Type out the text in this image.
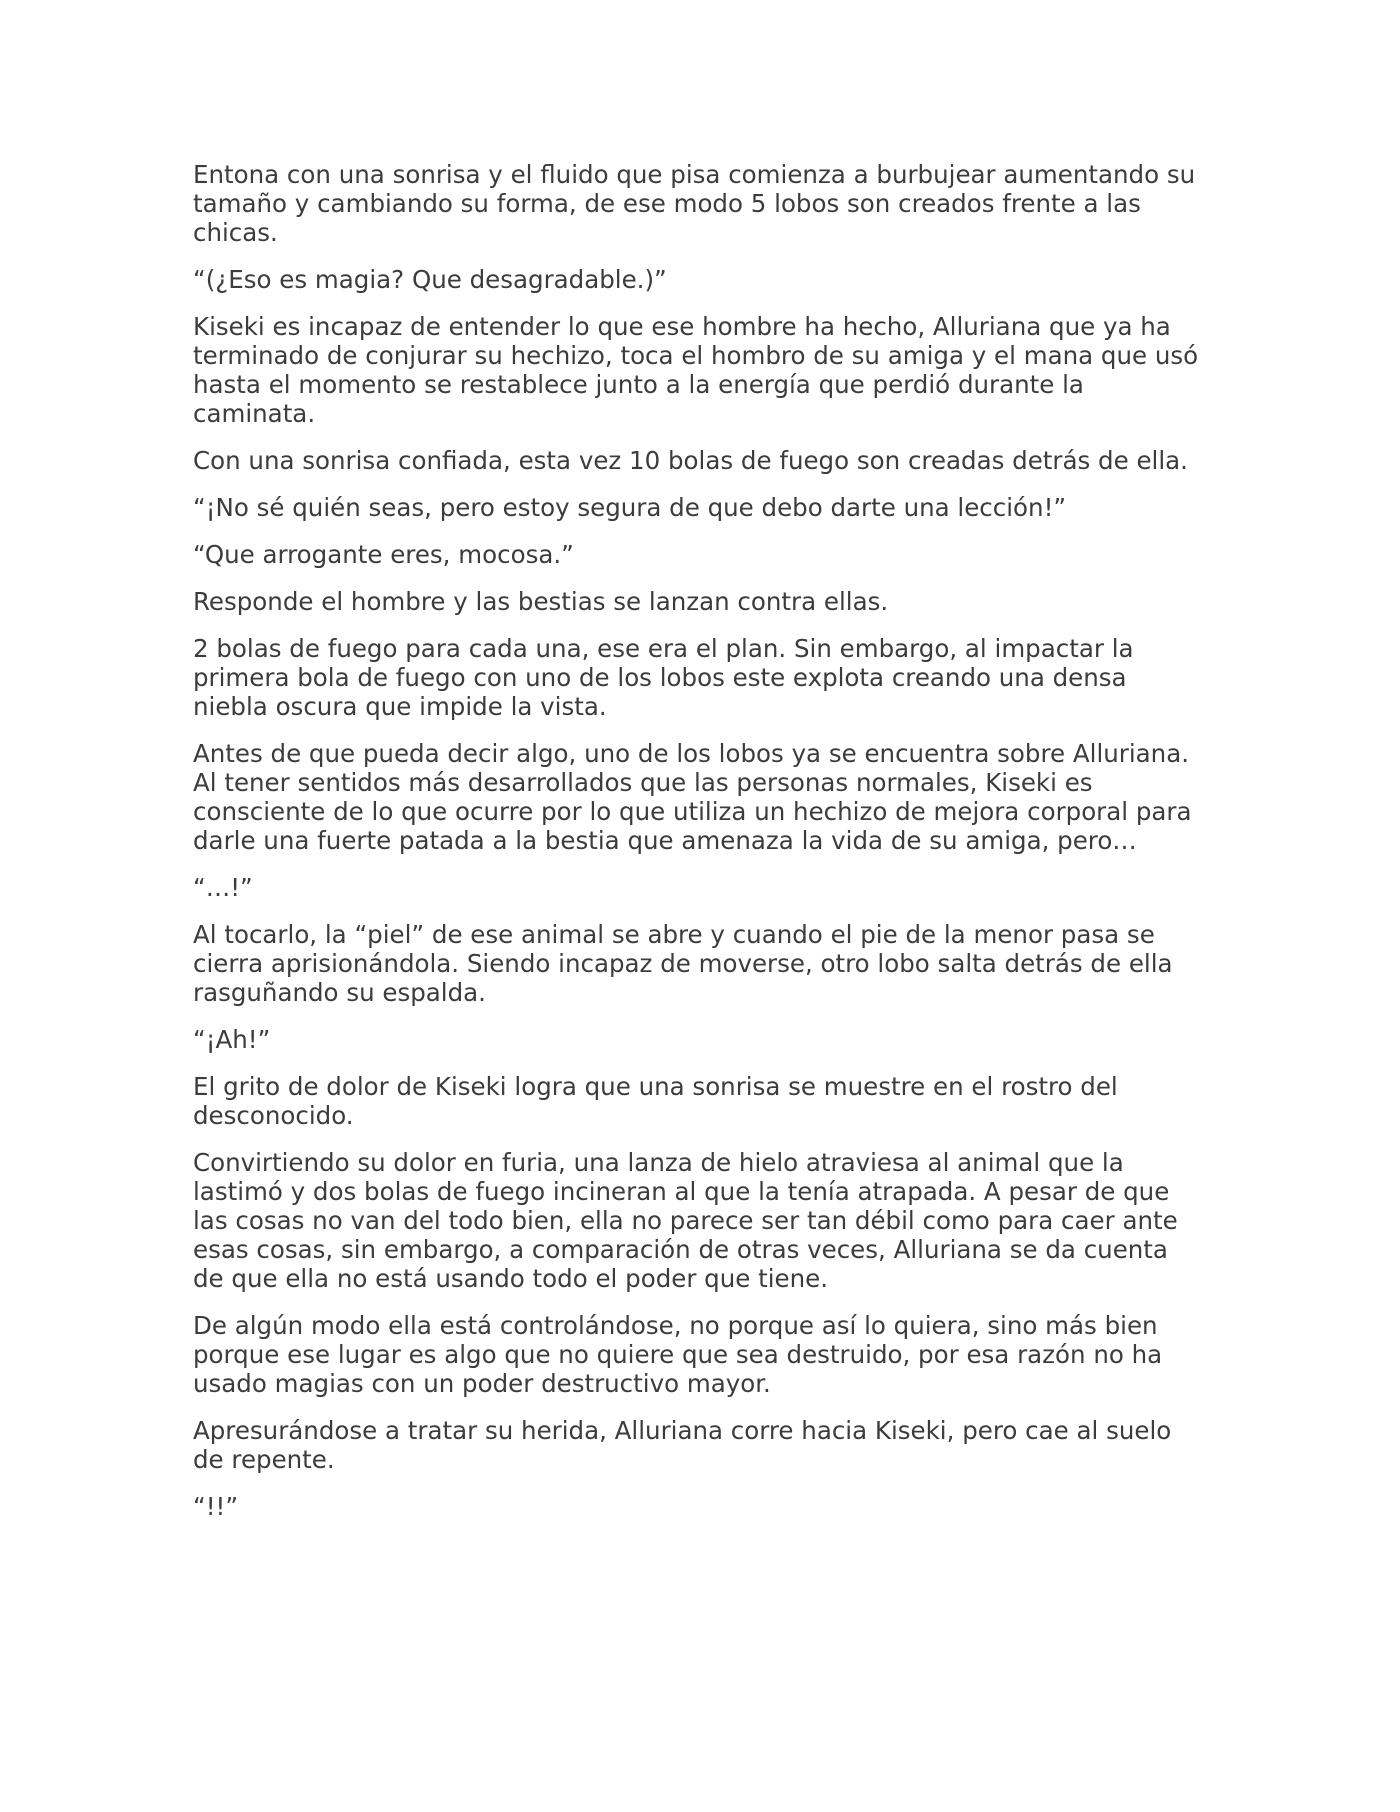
Entona con una sonrisa y el fluido que pisa comienza a burbujear aumentando su tamaño y cambiando su forma, de ese modo 5 lobos son creados frente a las chicas.

“(¿Eso es magia? Que desagradable.)”

Kiseki es incapaz de entender lo que ese hombre ha hecho, Alluriana que ya ha terminado de conjurar su hechizo, toca el hombro de su amiga y el mana que usó hasta el momento se restablece junto a la energía que perdió durante la caminata.

Con una sonrisa confiada, esta vez 10 bolas de fuego son creadas detrás de ella.

“¡No sé quién seas, pero estoy segura de que debo darte una lección!”

“Que arrogante eres, mocosa.”

Responde el hombre y las bestias se lanzan contra ellas.

2 bolas de fuego para cada una, ese era el plan. Sin embargo, al impactar la primera bola de fuego con uno de los lobos este explota creando una densa niebla oscura que impide la vista.

Antes de que pueda decir algo, uno de los lobos ya se encuentra sobre Alluriana. Al tener sentidos más desarrollados que las personas normales, Kiseki es consciente de lo que ocurre por lo que utiliza un hechizo de mejora corporal para darle una fuerte patada a la bestia que amenaza la vida de su amiga, pero…

“…!”

Al tocarlo, la “piel” de ese animal se abre y cuando el pie de la menor pasa se cierra aprisionándola. Siendo incapaz de moverse, otro lobo salta detrás de ella rasguñando su espalda.

“¡Ah!”

El grito de dolor de Kiseki logra que una sonrisa se muestre en el rostro del desconocido.

Convirtiendo su dolor en furia, una lanza de hielo atraviesa al animal que la lastimó y dos bolas de fuego incineran al que la tenía atrapada. A pesar de que las cosas no van del todo bien, ella no parece ser tan débil como para caer ante esas cosas, sin embargo, a comparación de otras veces, Alluriana se da cuenta de que ella no está usando todo el poder que tiene.

De algún modo ella está controlándose, no porque así lo quiera, sino más bien porque ese lugar es algo que no quiere que sea destruido, por esa razón no ha usado magias con un poder destructivo mayor.

Apresurándose a tratar su herida, Alluriana corre hacia Kiseki, pero cae al suelo de repente.

“!!”
